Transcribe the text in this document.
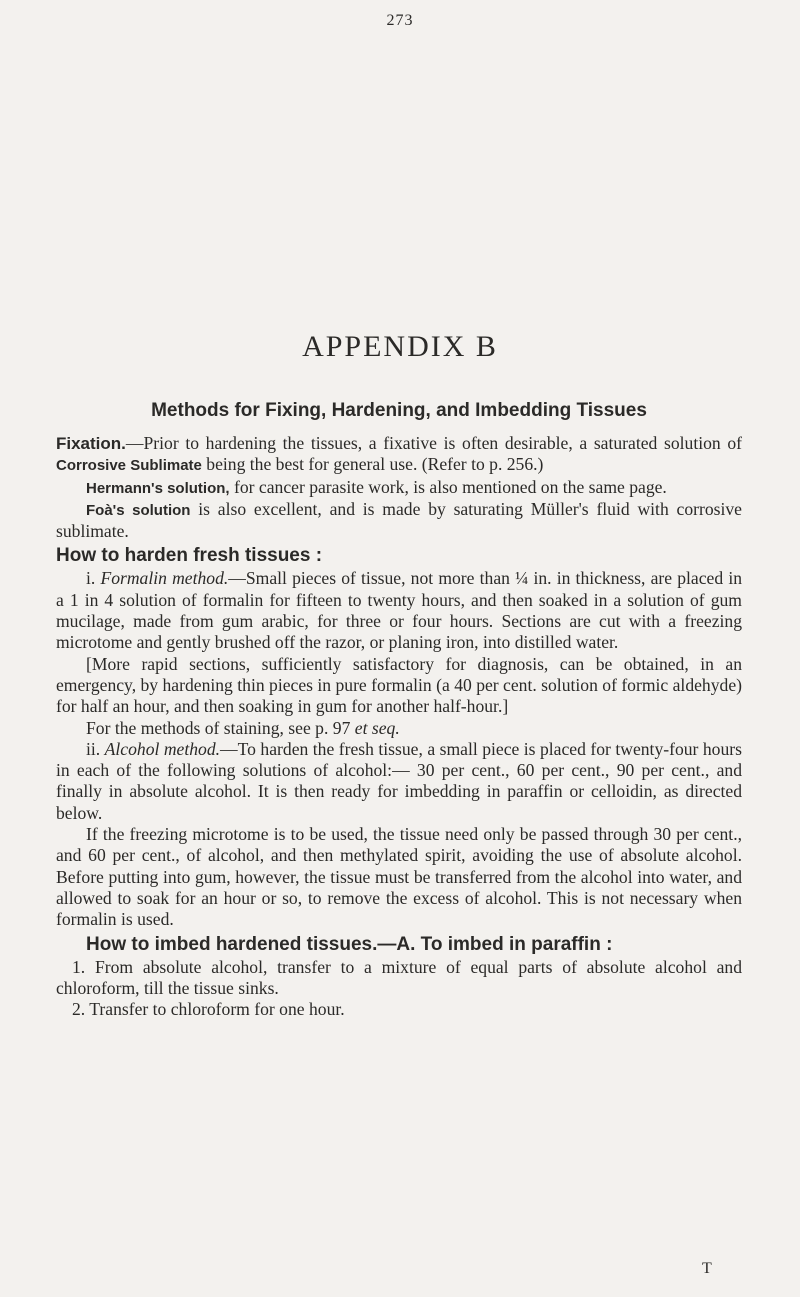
273
APPENDIX B
Methods for Fixing, Hardening, and Imbedding Tissues

Fixation.—Prior to hardening the tissues, a fixative is often desirable, a saturated solution of Corrosive Sublimate being the best for general use. (Refer to p. 256.)

Hermann's solution, for cancer parasite work, is also mentioned on the same page.

Foà's solution is also excellent, and is made by saturating Müller's fluid with corrosive sublimate.

How to harden fresh tissues :

i. Formalin method.—Small pieces of tissue, not more than ¼ in. in thickness, are placed in a 1 in 4 solution of formalin for fifteen to twenty hours, and then soaked in a solution of gum mucilage, made from gum arabic, for three or four hours. Sections are cut with a freezing microtome and gently brushed off the razor, or planing iron, into distilled water.

[More rapid sections, sufficiently satisfactory for diagnosis, can be obtained, in an emergency, by hardening thin pieces in pure formalin (a 40 per cent. solution of formic aldehyde) for half an hour, and then soaking in gum for another half-hour.]

For the methods of staining, see p. 97 et seq.

ii. Alcohol method.—To harden the fresh tissue, a small piece is placed for twenty-four hours in each of the following solutions of alcohol:— 30 per cent., 60 per cent., 90 per cent., and finally in absolute alcohol. It is then ready for imbedding in paraffin or celloidin, as directed below.

If the freezing microtome is to be used, the tissue need only be passed through 30 per cent., and 60 per cent., of alcohol, and then methylated spirit, avoiding the use of absolute alcohol. Before putting into gum, however, the tissue must be transferred from the alcohol into water, and allowed to soak for an hour or so, to remove the excess of alcohol. This is not necessary when formalin is used.

How to imbed hardened tissues.—A. To imbed in paraffin :

1. From absolute alcohol, transfer to a mixture of equal parts of absolute alcohol and chloroform, till the tissue sinks.

2. Transfer to chloroform for one hour.

T
